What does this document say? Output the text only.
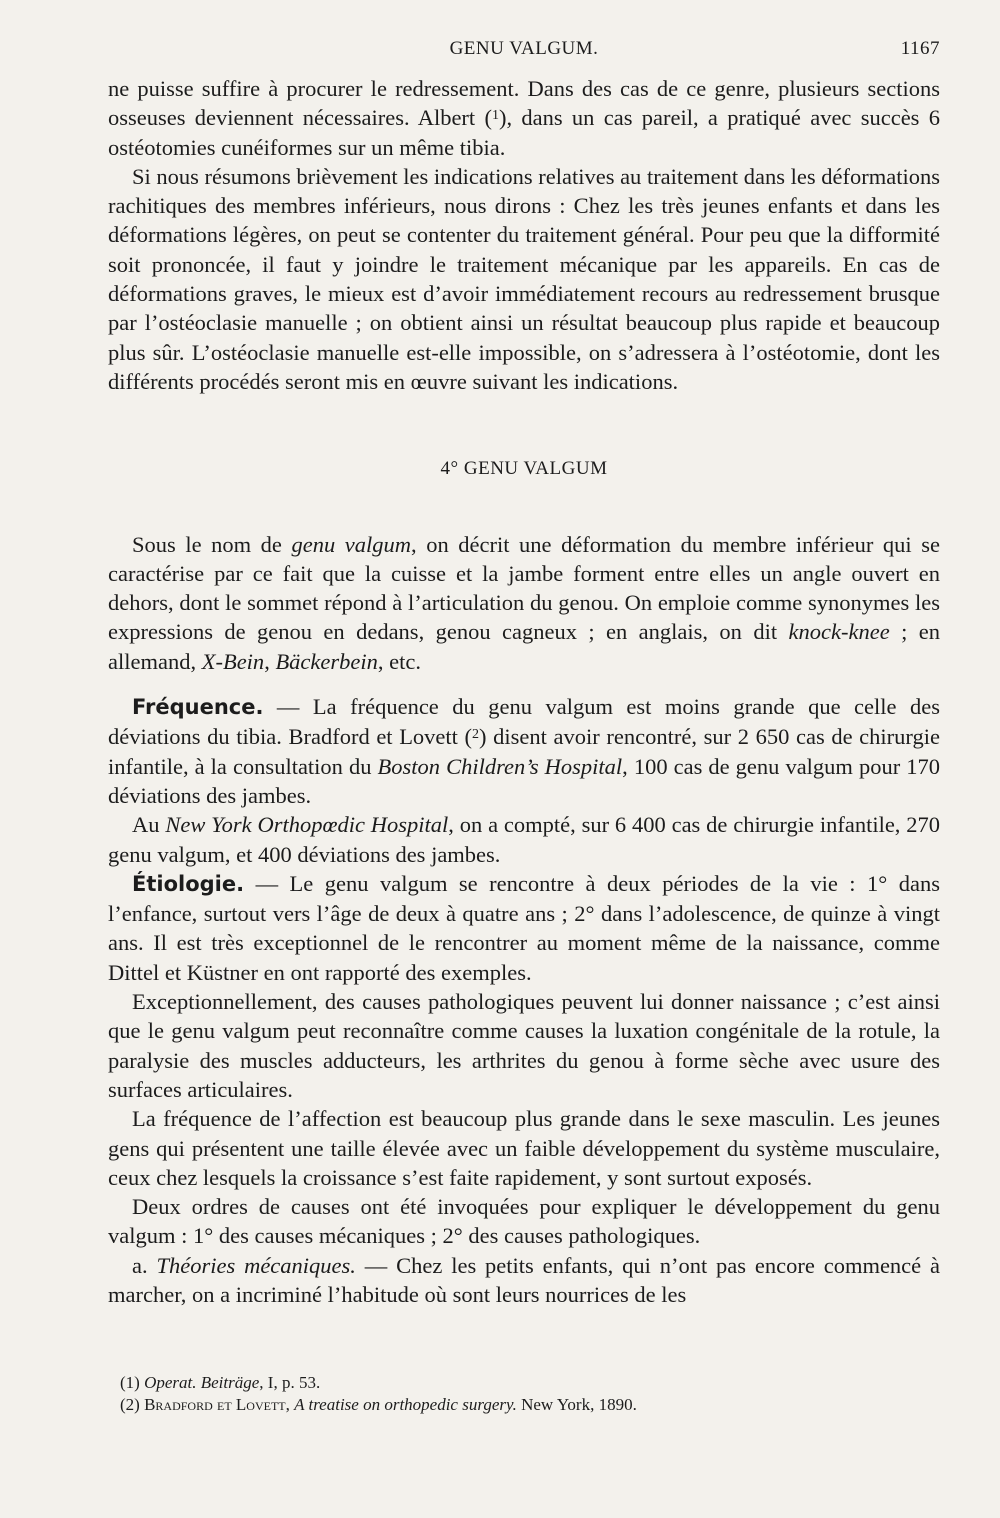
GENU VALGUM.	1167

ne puisse suffire à procurer le redressement. Dans des cas de ce genre, plusieurs sections osseuses deviennent nécessaires. Albert ($^1$), dans un cas pareil, a pratiqué avec succès 6 ostéotomies cunéiformes sur un même tibia.

Si nous résumons brièvement les indications relatives au traitement dans les déformations rachitiques des membres inférieurs, nous dirons : Chez les très jeunes enfants et dans les déformations légères, on peut se contenter du traitement général. Pour peu que la difformité soit prononcée, il faut y joindre le traitement mécanique par les appareils. En cas de déformations graves, le mieux est d’avoir immédiatement recours au redressement brusque par l’ostéoclasie manuelle ; on obtient ainsi un résultat beaucoup plus rapide et beaucoup plus sûr. L’ostéoclasie manuelle est-elle impossible, on s’adressera à l’ostéotomie, dont les différents procédés seront mis en œuvre suivant les indications.

4° GENU VALGUM

Sous le nom de genu valgum, on décrit une déformation du membre inférieur qui se caractérise par ce fait que la cuisse et la jambe forment entre elles un angle ouvert en dehors, dont le sommet répond à l’articulation du genou. On emploie comme synonymes les expressions de genou en dedans, genou cagneux ; en anglais, on dit knock-knee ; en allemand, X-Bein, Bäckerbein, etc.

Fréquence. — La fréquence du genu valgum est moins grande que celle des déviations du tibia. Bradford et Lovett ($^2$) disent avoir rencontré, sur 2 650 cas de chirurgie infantile, à la consultation du Boston Children’s Hospital, 100 cas de genu valgum pour 170 déviations des jambes.

Au New York Orthopœdic Hospital, on a compté, sur 6 400 cas de chirurgie infantile, 270 genu valgum, et 400 déviations des jambes.

Étiologie. — Le genu valgum se rencontre à deux périodes de la vie : 1° dans l’enfance, surtout vers l’âge de deux à quatre ans ; 2° dans l’adolescence, de quinze à vingt ans. Il est très exceptionnel de le rencontrer au moment même de la naissance, comme Dittel et Küstner en ont rapporté des exemples.

Exceptionnellement, des causes pathologiques peuvent lui donner naissance ; c’est ainsi que le genu valgum peut reconnaître comme causes la luxation congénitale de la rotule, la paralysie des muscles adducteurs, les arthrites du genou à forme sèche avec usure des surfaces articulaires.

La fréquence de l’affection est beaucoup plus grande dans le sexe masculin. Les jeunes gens qui présentent une taille élevée avec un faible développement du système musculaire, ceux chez lesquels la croissance s’est faite rapidement, y sont surtout exposés.

Deux ordres de causes ont été invoquées pour expliquer le développement du genu valgum : 1° des causes mécaniques ; 2° des causes pathologiques.

a. Théories mécaniques. — Chez les petits enfants, qui n’ont pas encore commencé à marcher, on a incriminé l’habitude où sont leurs nourrices de les

(1) Operat. Beiträge, I, p. 53.
(2) Bradford et Lovett, A treatise on orthopedic surgery. New York, 1890.
